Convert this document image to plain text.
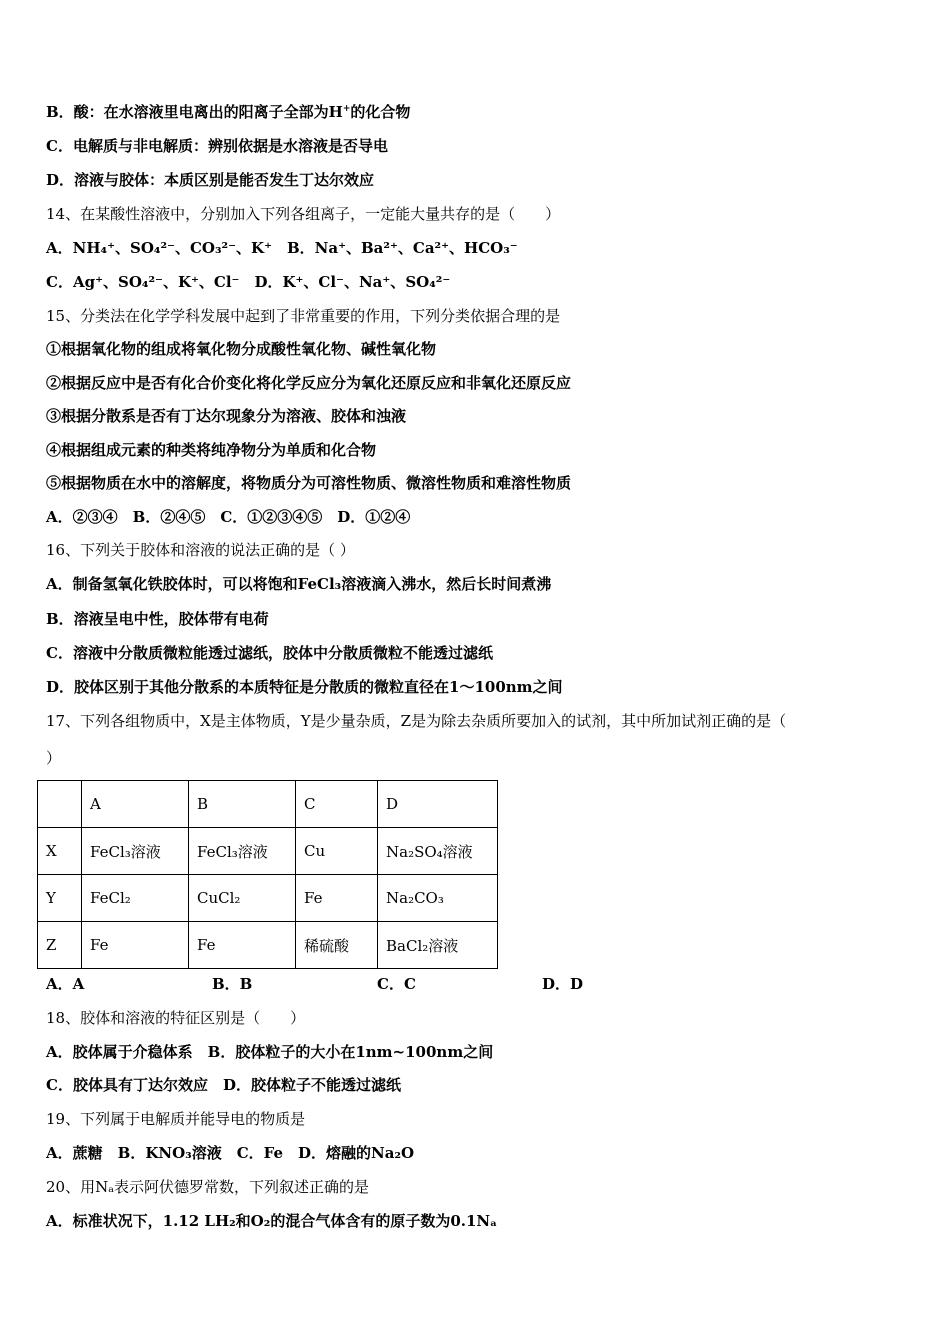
B．酸：在水溶液里电离出的阳离子全部为H+的化合物
C．电解质与非电解质：辨别依据是水溶液是否导电
D．溶液与胶体：本质区别是能否发生丁达尔效应
14、在某酸性溶液中，分别加入下列各组离子，一定能大量共存的是（　　）
A．NH₄⁺、SO₄²⁻、CO₃²⁻、K⁺　B．Na⁺、Ba²⁺、Ca²⁺、HCO₃⁻
C．Ag⁺、SO₄²⁻、K⁺、Cl⁻　D．K⁺、Cl⁻、Na⁺、SO₄²⁻
15、分类法在化学学科发展中起到了非常重要的作用，下列分类依据合理的是
①根据氧化物的组成将氧化物分成酸性氧化物、碱性氧化物
②根据反应中是否有化合价变化将化学反应分为氧化还原反应和非氧化还原反应
③根据分散系是否有丁达尔现象分为溶液、胶体和浊液
④根据组成元素的种类将纯净物分为单质和化合物
⑤根据物质在水中的溶解度，将物质分为可溶性物质、微溶性物质和难溶性物质
A．②③④　B．②④⑤　C．①②③④⑤　D．①②④
16、下列关于胶体和溶液的说法正确的是（ ）
A．制备氢氧化铁胶体时，可以将饱和FeCl₃溶液滴入沸水，然后长时间煮沸
B．溶液呈电中性，胶体带有电荷
C．溶液中分散质微粒能透过滤纸，胶体中分散质微粒不能透过滤纸
D．胶体区别于其他分散系的本质特征是分散质的微粒直径在1～100nm之间
17、下列各组物质中，X是主体物质，Y是少量杂质，Z是为除去杂质所要加入的试剂，其中所加试剂正确的是（
）
	A	B	C	D
X	FeCl₃溶液	FeCl₃溶液	Cu	Na₂SO₄溶液
Y	FeCl₂	CuCl₂	Fe	Na₂CO₃
Z	Fe	Fe	稀硫酸	BaCl₂溶液
A．A	B．B	C．C	D．D
18、胶体和溶液的特征区别是（　　）
A．胶体属于介稳体系　B．胶体粒子的大小在1nm~100nm之间
C．胶体具有丁达尔效应　D．胶体粒子不能透过滤纸
19、下列属于电解质并能导电的物质是
A．蔗糖　B．KNO₃溶液　C．Fe　D．熔融的Na₂O
20、用Nₐ表示阿伏德罗常数，下列叙述正确的是
A．标准状况下，1.12 LH₂和O₂的混合气体含有的原子数为0.1Nₐ
